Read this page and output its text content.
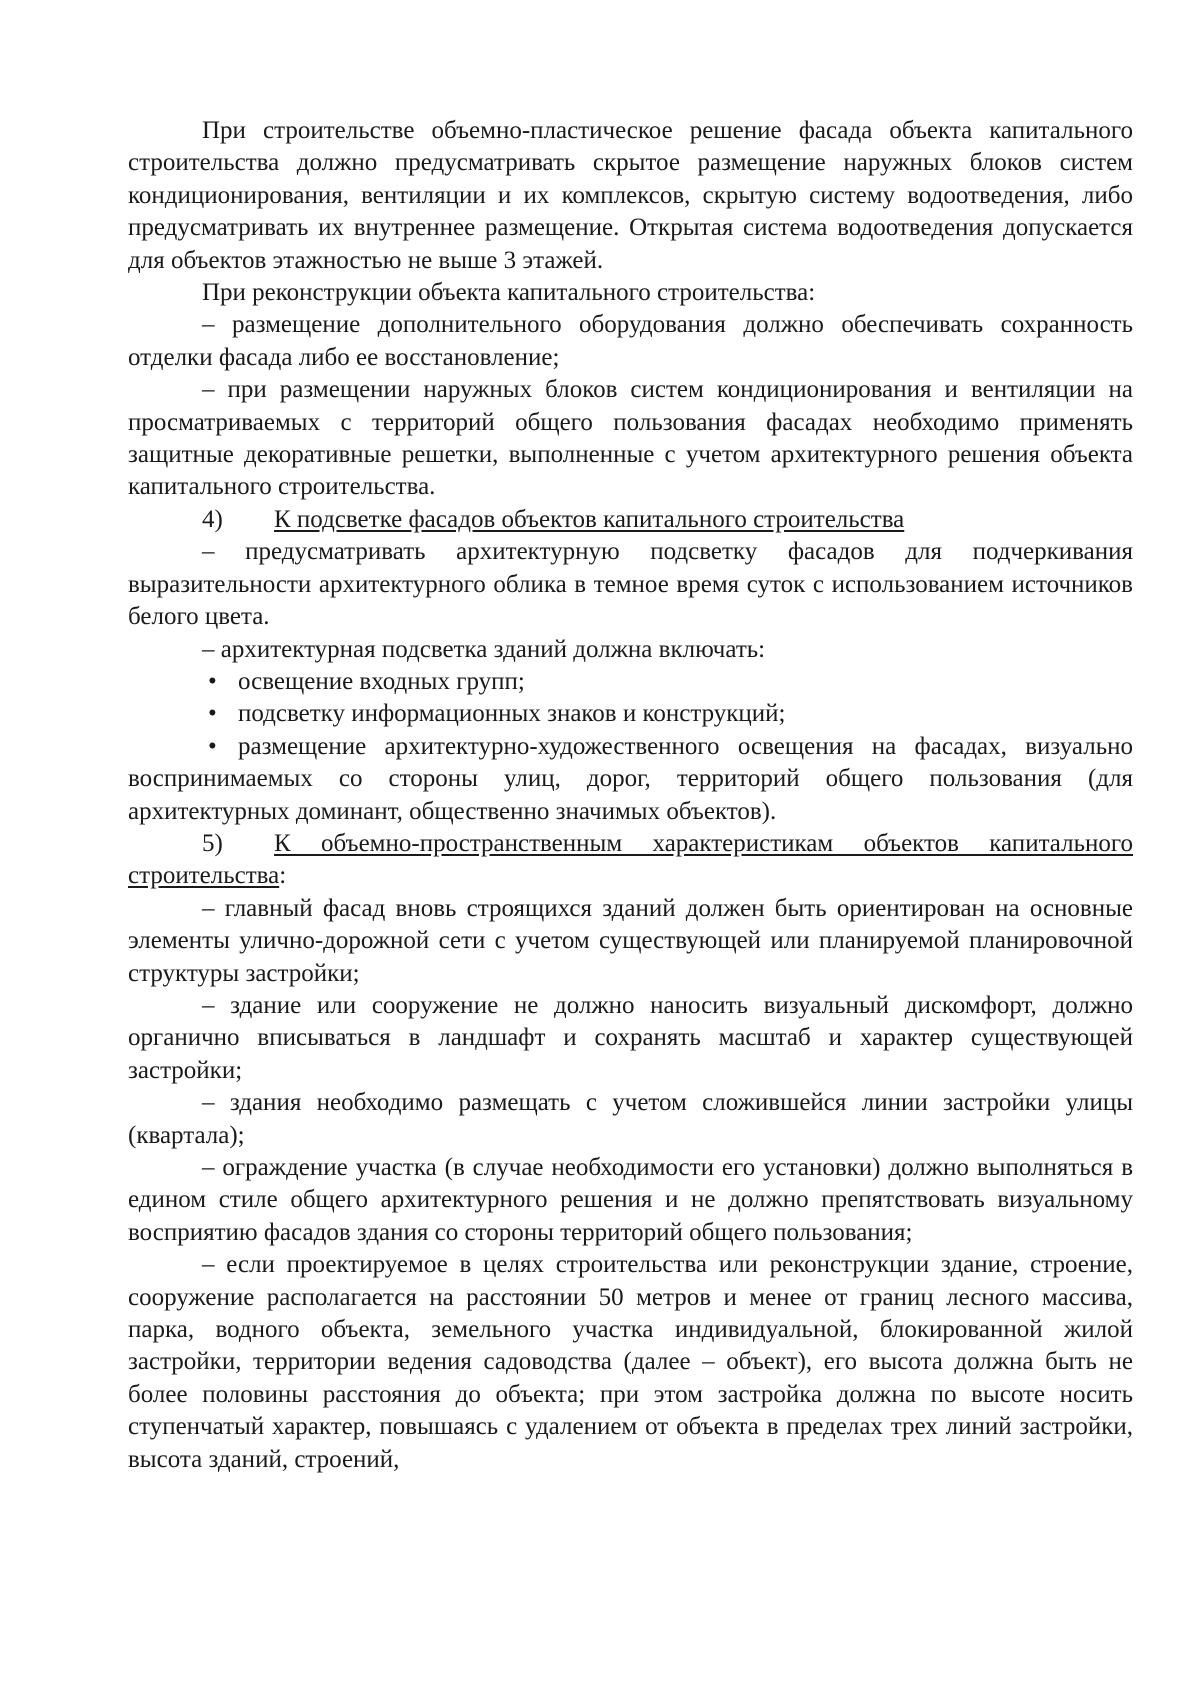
При строительстве объемно-пластическое решение фасада объекта капитального строительства должно предусматривать скрытое размещение наружных блоков систем кондиционирования, вентиляции и их комплексов, скрытую систему водоотведения, либо предусматривать их внутреннее размещение. Открытая система водоотведения допускается для объектов этажностью не выше 3 этажей.

При реконструкции объекта капитального строительства:

– размещение дополнительного оборудования должно обеспечивать сохранность отделки фасада либо ее восстановление;

– при размещении наружных блоков систем кондиционирования и вентиляции на просматриваемых с территорий общего пользования фасадах необходимо применять защитные декоративные решетки, выполненные с учетом архитектурного решения объекта капитального строительства.

4) К подсветке фасадов объектов капитального строительства

– предусматривать архитектурную подсветку фасадов для подчеркивания выразительности архитектурного облика в темное время суток с использованием источников белого цвета.

– архитектурная подсветка зданий должна включать:

• освещение входных групп;

• подсветку информационных знаков и конструкций;

• размещение архитектурно-художественного освещения на фасадах, визуально воспринимаемых со стороны улиц, дорог, территорий общего пользования (для архитектурных доминант, общественно значимых объектов).

5) К объемно-пространственным характеристикам объектов капитального строительства:

– главный фасад вновь строящихся зданий должен быть ориентирован на основные элементы улично-дорожной сети с учетом существующей или планируемой планировочной структуры застройки;

– здание или сооружение не должно наносить визуальный дискомфорт, должно органично вписываться в ландшафт и сохранять масштаб и характер существующей застройки;

– здания необходимо размещать с учетом сложившейся линии застройки улицы (квартала);

– ограждение участка (в случае необходимости его установки) должно выполняться в едином стиле общего архитектурного решения и не должно препятствовать визуальному восприятию фасадов здания со стороны территорий общего пользования;

– если проектируемое в целях строительства или реконструкции здание, строение, сооружение располагается на расстоянии 50 метров и менее от границ лесного массива, парка, водного объекта, земельного участка индивидуальной, блокированной жилой застройки, территории ведения садоводства (далее – объект), его высота должна быть не более половины расстояния до объекта; при этом застройка должна по высоте носить ступенчатый характер, повышаясь с удалением от объекта в пределах трех линий застройки, высота зданий, строений,
